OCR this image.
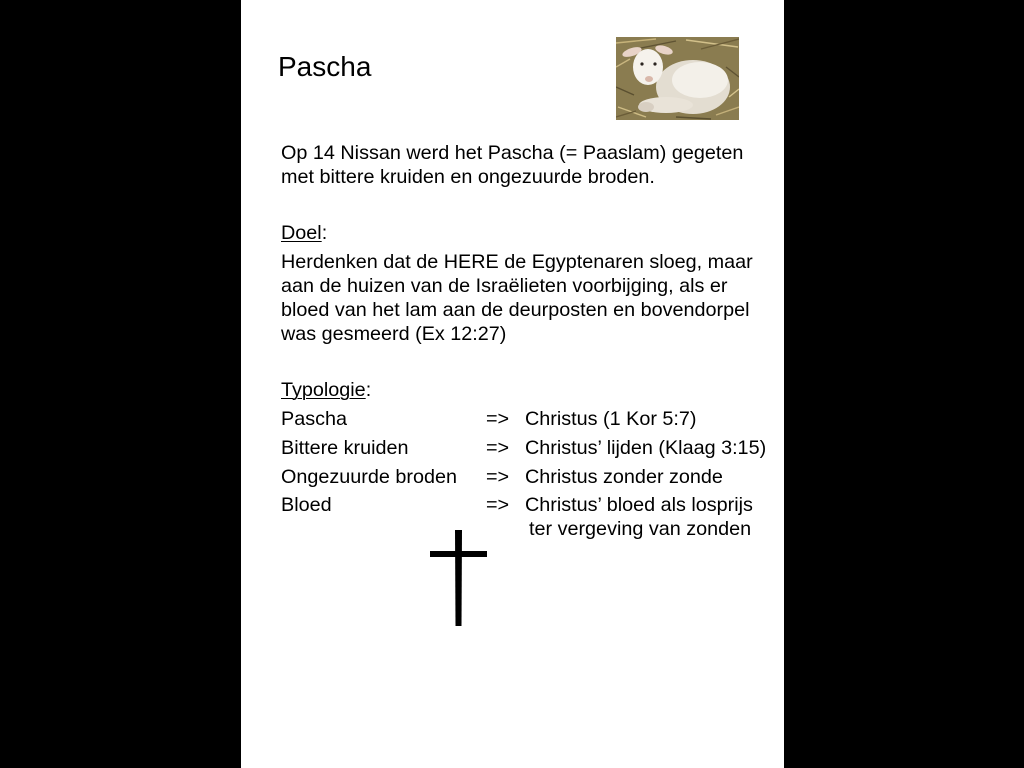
Pascha
Op 14 Nissan werd het Pascha (= Paaslam) gegeten
met bittere kruiden en ongezuurde broden.
Doel:
Herdenken dat de HERE de Egyptenaren sloeg, maar
aan de huizen van de Israëlieten voorbijging, als er
bloed van het lam aan de deurposten en bovendorpel
was gesmeerd (Ex 12:27)
Typologie:
Pascha	=> Christus (1 Kor 5:7)
Bittere kruiden	=> Christus’ lijden (Klaag 3:15)
Ongezuurde broden => Christus zonder zonde
Bloed	=> Christus’ bloed als losprijs
ter vergeving van zonden
